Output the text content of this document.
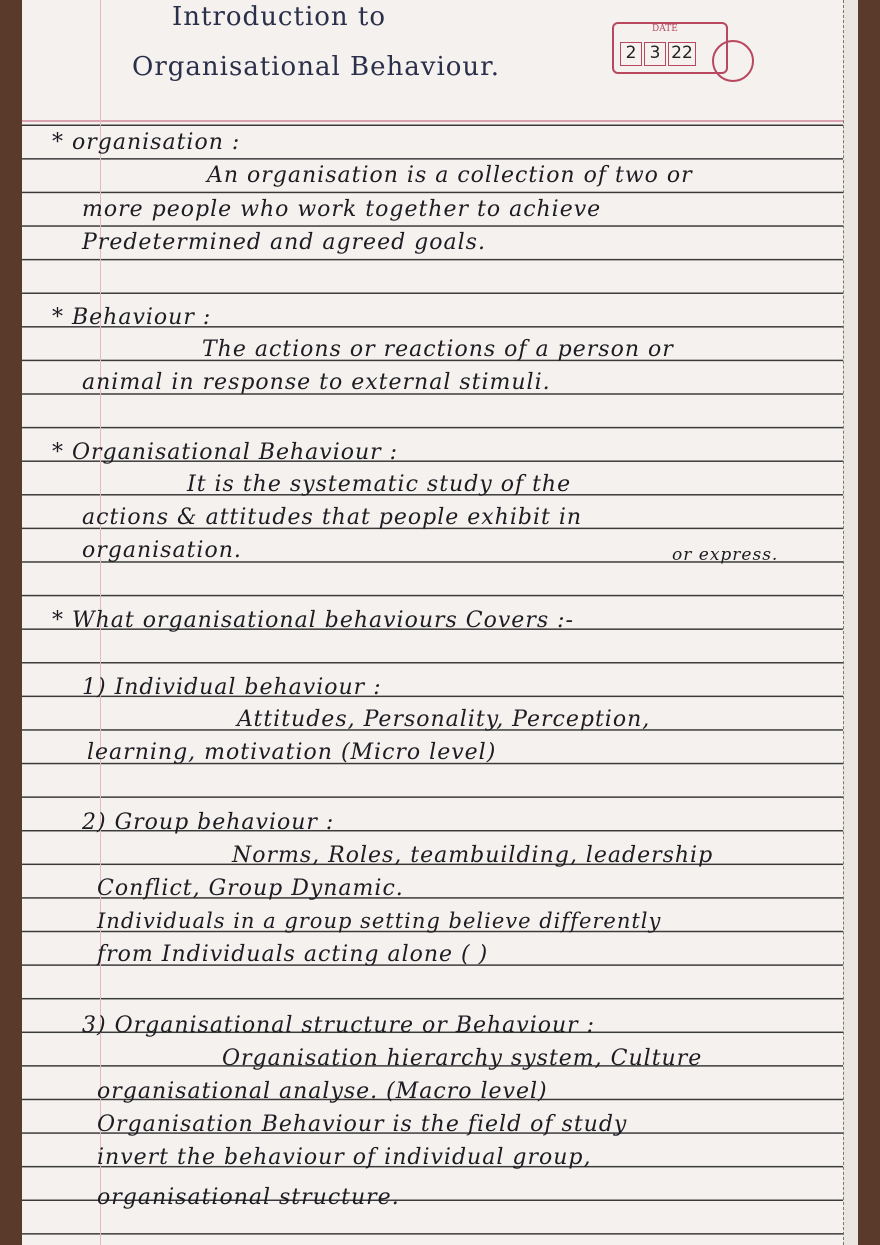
Introduction to
Organisational Behaviour.
DATE
2 3 22
* organisation :
An organisation is a collection of two or
more people who work together to achieve
Predetermined and agreed goals.
* Behaviour :
The actions or reactions of a person or
animal in response to external stimuli.
* Organisational Behaviour :
It is the systematic study of the
actions & attitudes that people exhibit in
organisation.	or express.
* What organisational behaviours Covers :-
1) Individual behaviour :
Attitudes, Personality, Perception,
learning, motivation (Micro level)
2) Group behaviour :
Norms, Roles, teambuilding, leadership
Conflict, Group Dynamic.
Individuals in a group setting believe differently
from Individuals acting alone ( )
3) Organisational structure or Behaviour :
Organisation hierarchy system, Culture
organisational analyse. (Macro level)
Organisation Behaviour is the field of study
invert the behaviour of individual group,
organisational structure.
